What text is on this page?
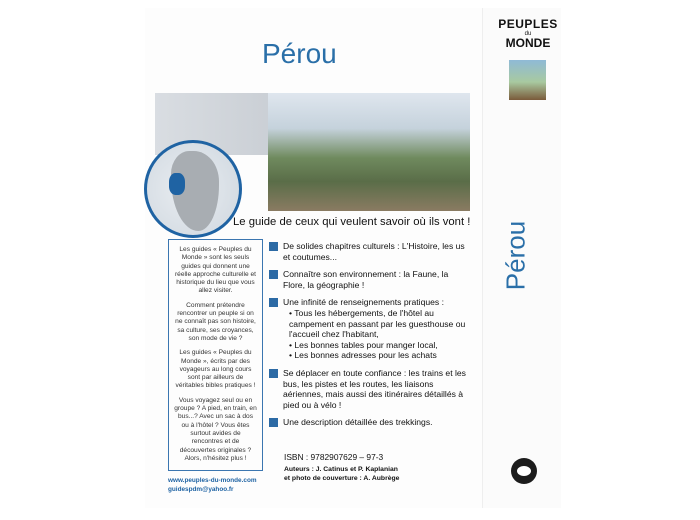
Pérou
PEUPLES
du
MONDE
Pérou
Le guide de ceux qui veulent savoir où ils vont !

Les guides « Peuples du Monde » sont les seuls guides qui donnent une réelle approche culturelle et historique du lieu que vous allez visiter.

Comment prétendre rencontrer un peuple si on ne connaît pas son histoire, sa culture, ses croyances, son mode de vie ?

Les guides « Peuples du Monde », écrits par des voyageurs au long cours sont par ailleurs de véritables bibles pratiques !

Vous voyagez seul ou en groupe ? A pied, en train, en bus...? Avec un sac à dos ou à l'hôtel ? Vous êtes surtout avides de rencontres et de découvertes originales ? Alors, n'hésitez plus !

www.peuples-du-monde.com
guidespdm@yahoo.fr
De solides chapitres culturels : L'Histoire, les us et coutumes...
Connaître son environnement : la Faune, la Flore, la géographie !
Une infinité de renseignements pratiques :
• Tous les hébergements, de l'hôtel au campement en passant par les guesthouse ou l'accueil chez l'habitant,
• Les bonnes tables pour manger local,
• Les bonnes adresses pour les achats
Se déplacer en toute confiance : les trains et les bus, les pistes et les routes, les liaisons aériennes, mais aussi des itinéraires détaillés à pied ou à vélo !
Une description détaillée des trekkings.
ISBN : 9782907629 – 97-3
Auteurs : J. Catinus et P. Kaplanian
et photo de couverture : A. Aubrège
